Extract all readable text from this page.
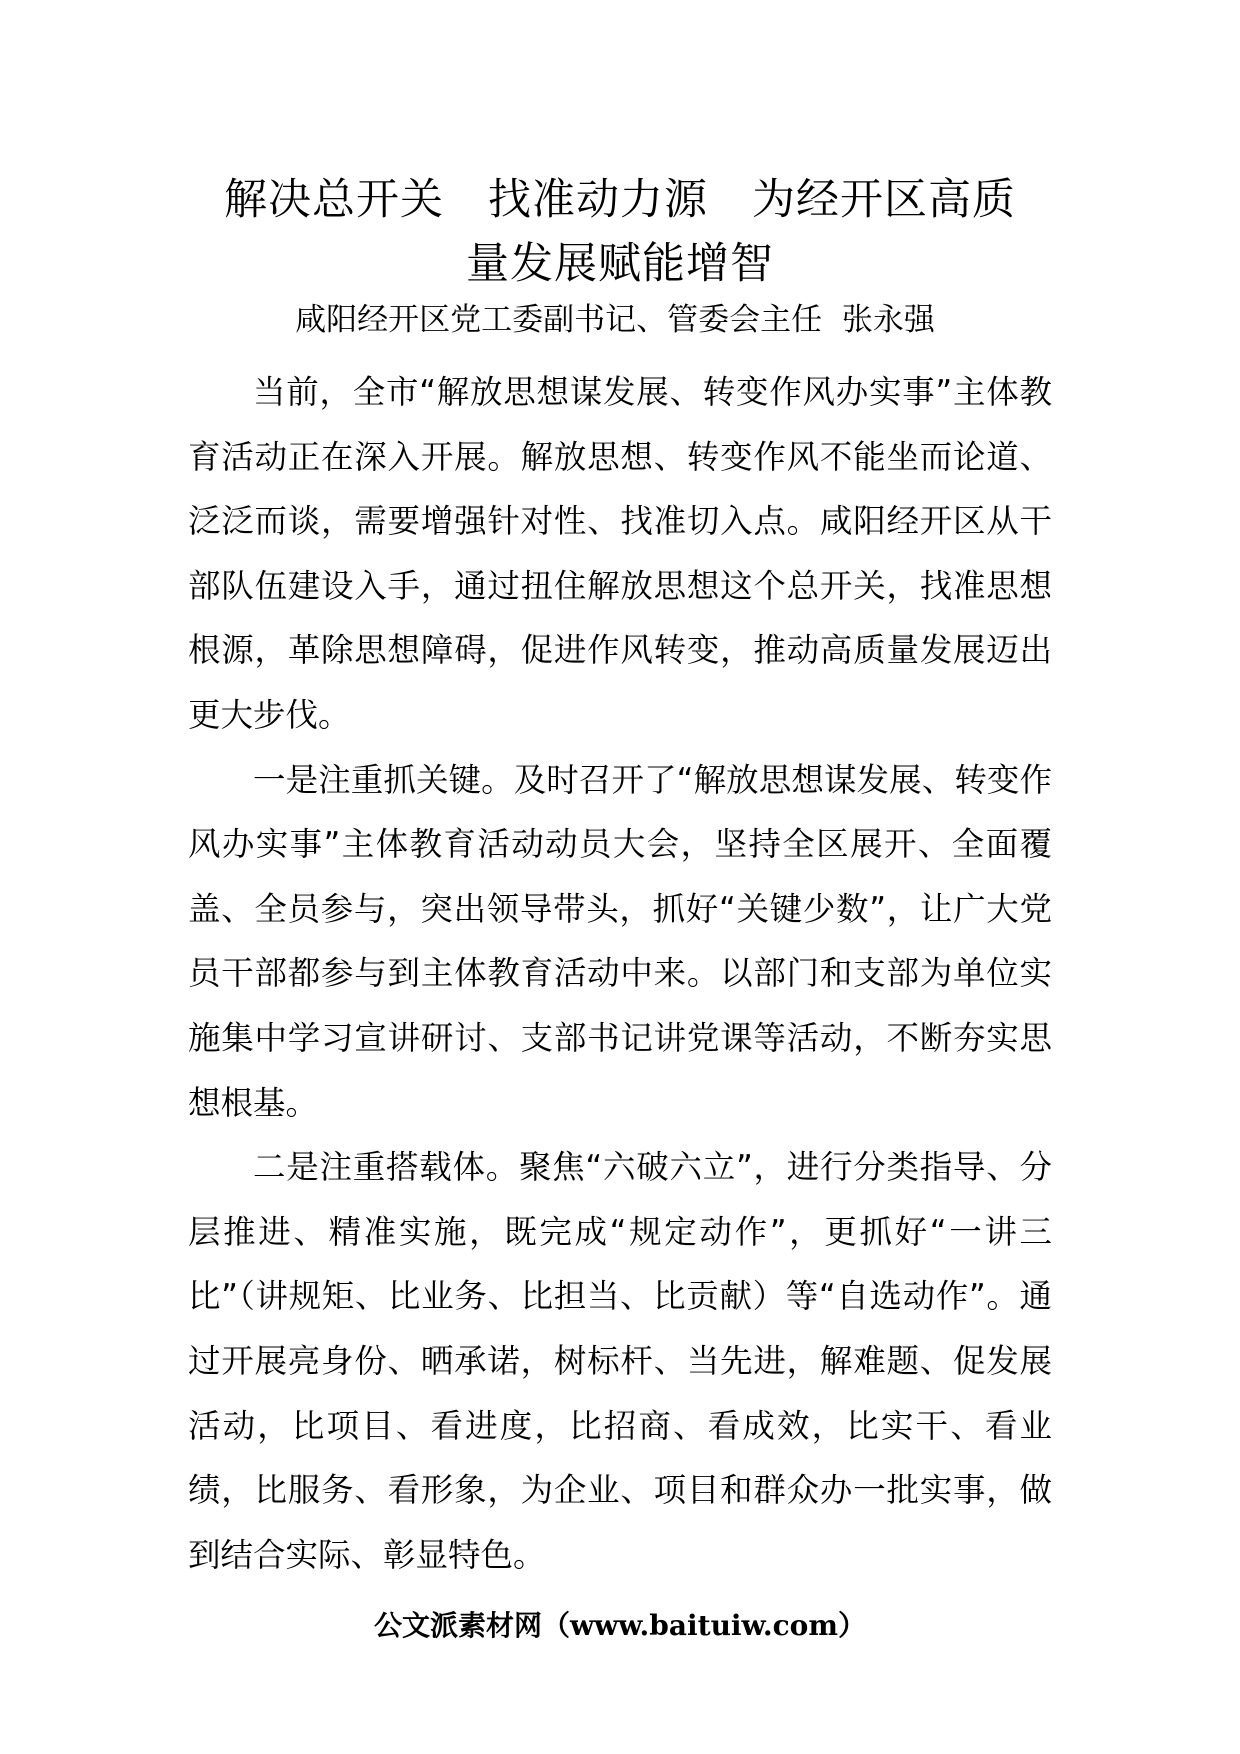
解决总开关　找准动力源　为经开区高质
量发展赋能增智
咸阳经开区党工委副书记、管委会主任  张永强

当前，全市“解放思想谋发展、转变作风办实事”主体教育活动正在深入开展。解放思想、转变作风不能坐而论道、泛泛而谈，需要增强针对性、找准切入点。咸阳经开区从干部队伍建设入手，通过扭住解放思想这个总开关，找准思想根源，革除思想障碍，促进作风转变，推动高质量发展迈出更大步伐。

一是注重抓关键。及时召开了“解放思想谋发展、转变作风办实事”主体教育活动动员大会，坚持全区展开、全面覆盖、全员参与，突出领导带头，抓好“关键少数”，让广大党员干部都参与到主体教育活动中来。以部门和支部为单位实施集中学习宣讲研讨、支部书记讲党课等活动，不断夯实思想根基。

二是注重搭载体。聚焦“六破六立”，进行分类指导、分层推进、精准实施，既完成“规定动作”，更抓好“一讲三比”（讲规矩、比业务、比担当、比贡献）等“自选动作”。通过开展亮身份、晒承诺，树标杆、当先进，解难题、促发展活动，比项目、看进度，比招商、看成效，比实干、看业绩，比服务、看形象，为企业、项目和群众办一批实事，做到结合实际、彰显特色。

公文派素材网（www.baituiw.com）
